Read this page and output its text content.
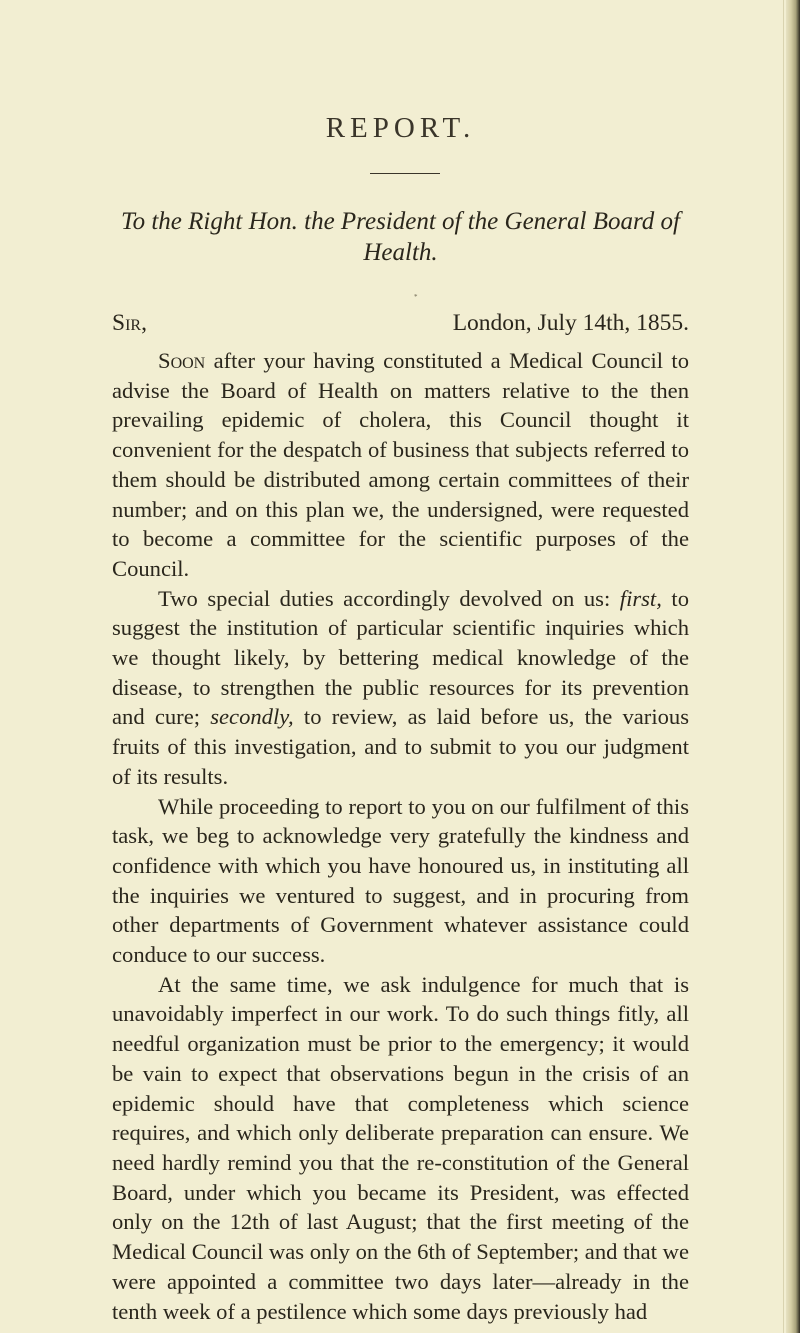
REPORT.
To the Right Hon. the President of the General Board of Health.
*
Sir,	London, July 14th, 1855.

Soon after your having constituted a Medical Council to advise the Board of Health on matters relative to the then prevailing epidemic of cholera, this Council thought it convenient for the despatch of business that subjects referred to them should be distributed among certain committees of their number; and on this plan we, the undersigned, were requested to become a committee for the scientific purposes of the Council.

Two special duties accordingly devolved on us: first, to suggest the institution of particular scientific inquiries which we thought likely, by bettering medical knowledge of the disease, to strengthen the public resources for its prevention and cure; secondly, to review, as laid before us, the various fruits of this investigation, and to submit to you our judgment of its results.

While proceeding to report to you on our fulfilment of this task, we beg to acknowledge very gratefully the kindness and confidence with which you have honoured us, in instituting all the inquiries we ventured to suggest, and in procuring from other departments of Government whatever assistance could conduce to our success.

At the same time, we ask indulgence for much that is unavoidably imperfect in our work. To do such things fitly, all needful organization must be prior to the emergency; it would be vain to expect that observations begun in the crisis of an epidemic should have that completeness which science requires, and which only deliberate preparation can ensure. We need hardly remind you that the re-constitution of the General Board, under which you became its President, was effected only on the 12th of last August; that the first meeting of the Medical Council was only on the 6th of September; and that we were appointed a committee two days later—already in the tenth week of a pestilence which some days previously had
